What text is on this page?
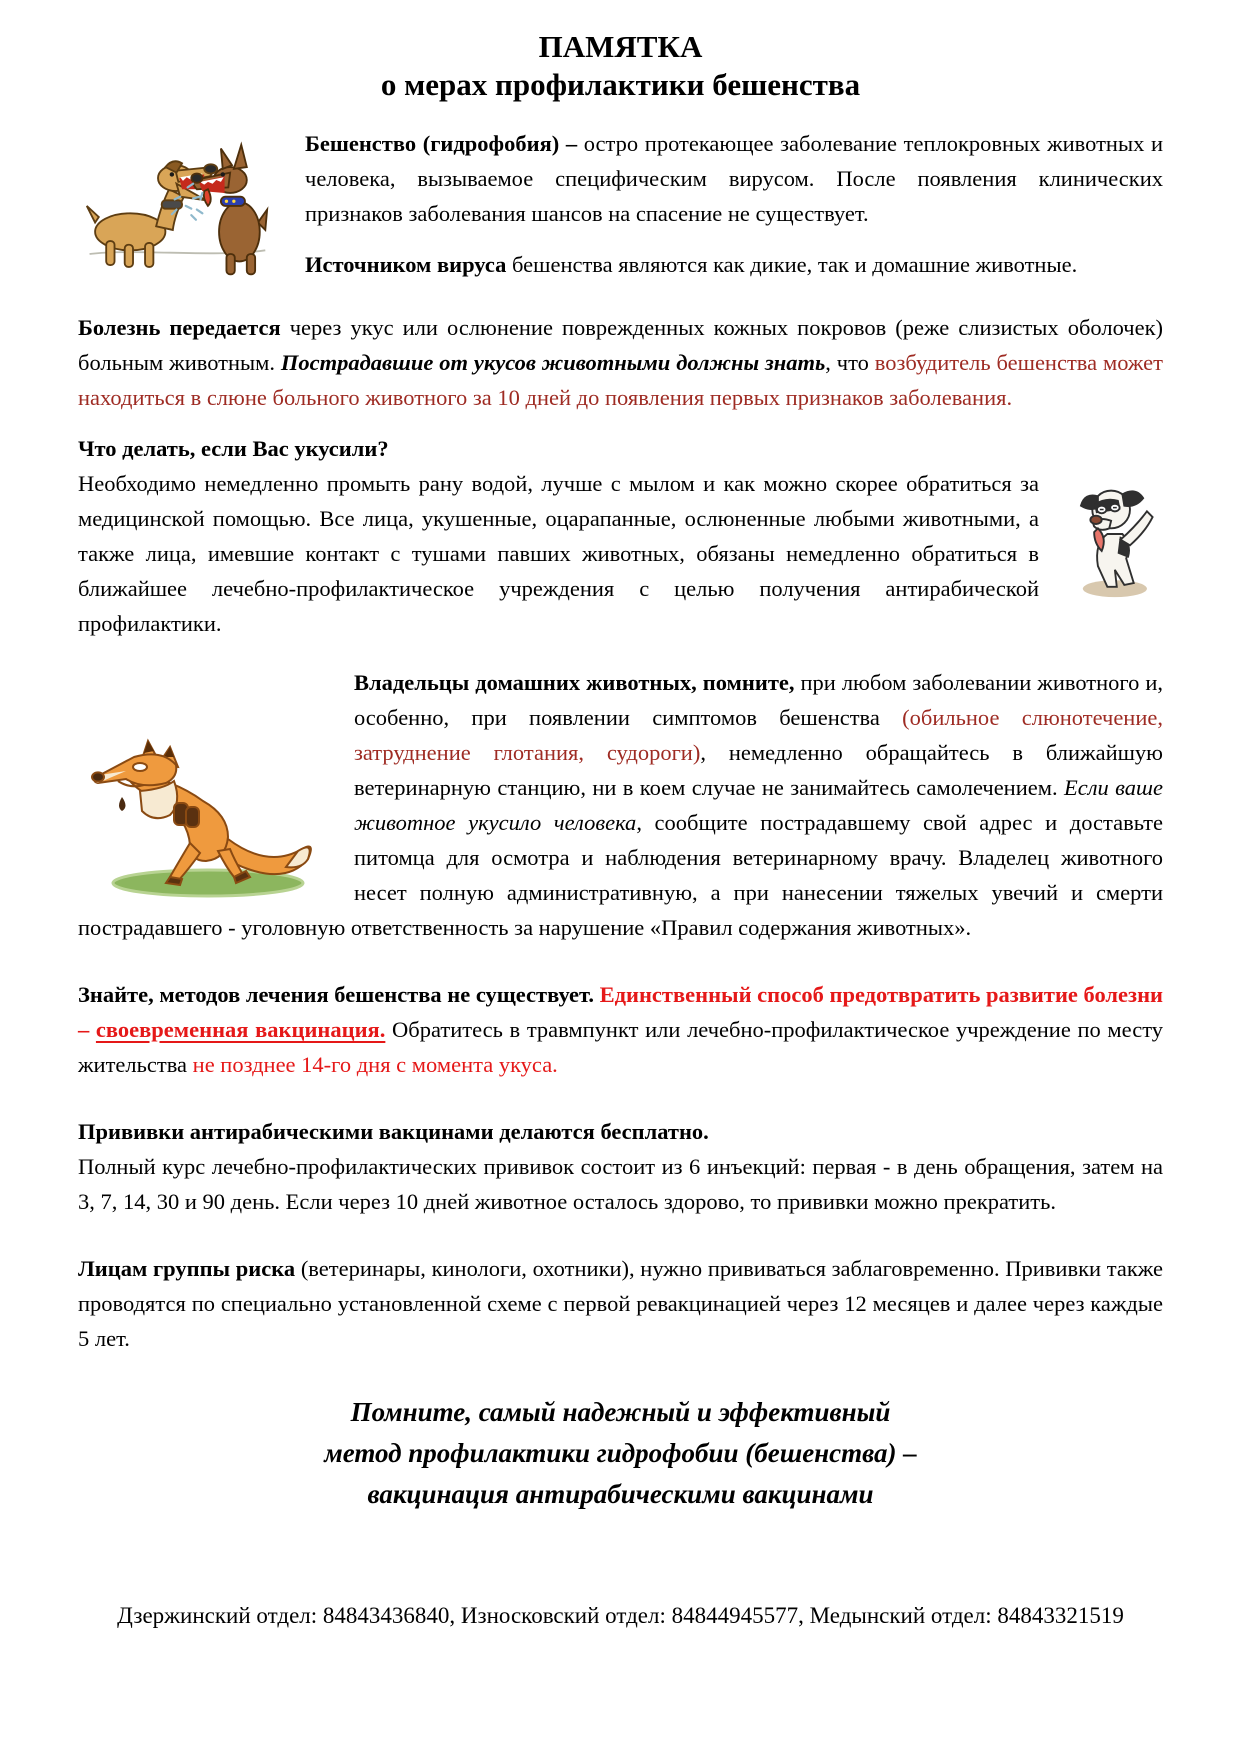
ПАМЯТКА
о мерах профилактики бешенства

Бешенство (гидрофобия) – остро протекающее заболевание теплокровных животных и человека, вызываемое специфическим вирусом. После появления клинических признаков заболевания шансов на спасение не существует.

Источником вируса бешенства являются как дикие, так и домашние животные.

Болезнь передается через укус или ослюнение поврежденных кожных покровов (реже слизистых оболочек) больным животным. Пострадавшие от укусов животными должны знать, что возбудитель бешенства может находиться в слюне больного животного за 10 дней до появления первых признаков заболевания.

Что делать, если Вас укусили?

Необходимо немедленно промыть рану водой, лучше с мылом и как можно скорее обратиться за медицинской помощью. Все лица, укушенные, оцарапанные, ослюненные любыми животными, а также лица, имевшие контакт с тушами павших животных, обязаны немедленно обратиться в ближайшее лечебно-профилактическое учреждения с целью получения антирабической профилактики.

Владельцы домашних животных, помните, при любом заболевании животного и, особенно, при появлении симптомов бешенства (обильное слюнотечение, затруднение глотания, судороги), немедленно обращайтесь в ближайшую ветеринарную станцию, ни в коем случае не занимайтесь самолечением. Если ваше животное укусило человека, сообщите пострадавшему свой адрес и доставьте питомца для осмотра и наблюдения ветеринарному врачу. Владелец животного несет полную административную, а при нанесении тяжелых увечий и смерти пострадавшего - уголовную ответственность за нарушение «Правил содержания животных».

Знайте, методов лечения бешенства не существует. Единственный способ предотвратить развитие болезни – своевременная вакцинация. Обратитесь в травмпункт или лечебно-профилактическое учреждение по месту жительства не позднее 14-го дня с момента укуса.

Прививки антирабическими вакцинами делаются бесплатно.

Полный курс лечебно-профилактических прививок состоит из 6 инъекций: первая - в день обращения, затем на 3, 7, 14, 30 и 90 день. Если через 10 дней животное осталось здорово, то прививки можно прекратить.

Лицам группы риска (ветеринары, кинологи, охотники), нужно прививаться заблаговременно. Прививки также проводятся по специально установленной схеме с первой ревакцинацией через 12 месяцев и далее через каждые 5 лет.

Помните, самый надежный и эффективный
метод профилактики гидрофобии (бешенства) –
вакцинация антирабическими вакцинами
Дзержинский отдел: 84843436840, Износковский отдел: 84844945577, Медынский отдел: 84843321519
